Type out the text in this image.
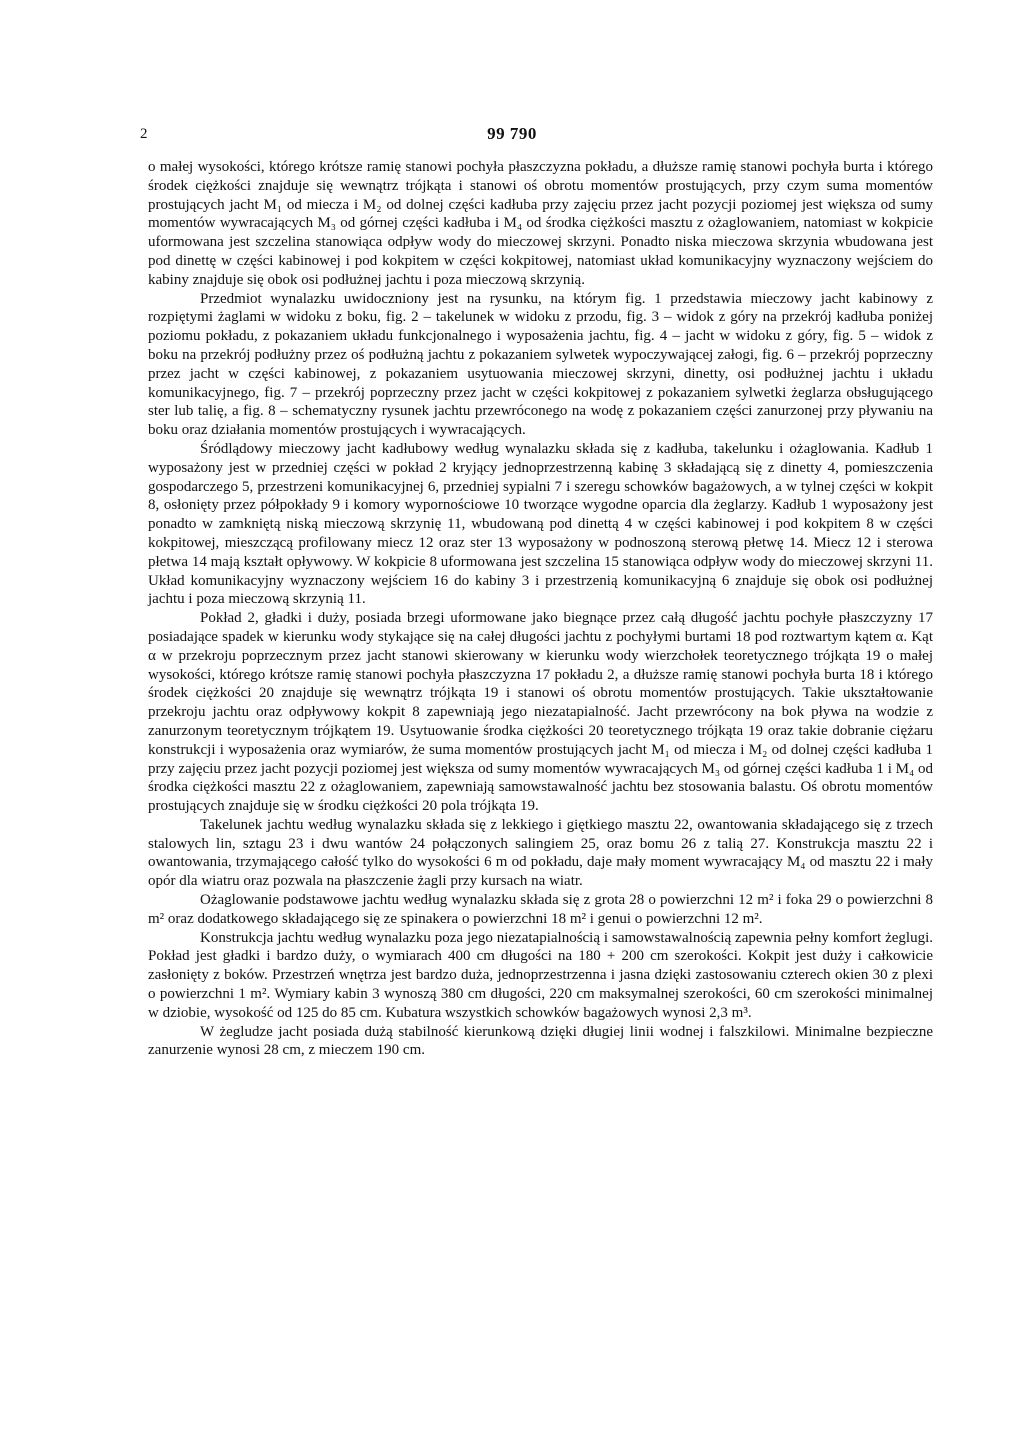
2	99 790

o małej wysokości, którego krótsze ramię stanowi pochyła płaszczyzna pokładu, a dłuższe ramię stanowi pochyła burta i którego środek ciężkości znajduje się wewnątrz trójkąta i stanowi oś obrotu momentów prostujących, przy czym suma momentów prostujących jacht M₁ od miecza i M₂ od dolnej części kadłuba przy zajęciu przez jacht pozycji poziomej jest większa od sumy momentów wywracających M₃ od górnej części kadłuba i M₄ od środka ciężkości masztu z ożaglowaniem, natomiast w kokpicie uformowana jest szczelina stanowiąca odpływ wody do mieczowej skrzyni. Ponadto niska mieczowa skrzynia wbudowana jest pod dinettę w części kabinowej i pod kokpitem w części kokpitowej, natomiast układ komunikacyjny wyznaczony wejściem do kabiny znajduje się obok osi podłużnej jachtu i poza mieczową skrzynią.

Przedmiot wynalazku uwidoczniony jest na rysunku, na którym fig. 1 przedstawia mieczowy jacht kabinowy z rozpiętymi żaglami w widoku z boku, fig. 2 – takelunek w widoku z przodu, fig. 3 – widok z góry na przekrój kadłuba poniżej poziomu pokładu, z pokazaniem układu funkcjonalnego i wyposażenia jachtu, fig. 4 – jacht w widoku z góry, fig. 5 – widok z boku na przekrój podłużny przez oś podłużną jachtu z pokazaniem sylwetek wypoczywającej załogi, fig. 6 – przekrój poprzeczny przez jacht w części kabinowej, z pokazaniem usytuowania mieczowej skrzyni, dinetty, osi podłużnej jachtu i układu komunikacyjnego, fig. 7 – przekrój poprzeczny przez jacht w części kokpitowej z pokazaniem sylwetki żeglarza obsługującego ster lub talię, a fig. 8 – schematyczny rysunek jachtu przewróconego na wodę z pokazaniem części zanurzonej przy pływaniu na boku oraz działania momentów prostujących i wywracających.

Śródlądowy mieczowy jacht kadłubowy według wynalazku składa się z kadłuba, takelunku i ożaglowania. Kadłub 1 wyposażony jest w przedniej części w pokład 2 kryjący jednoprzestrzenną kabinę 3 składającą się z dinetty 4, pomieszczenia gospodarczego 5, przestrzeni komunikacyjnej 6, przedniej sypialni 7 i szeregu schowków bagażowych, a w tylnej części w kokpit 8, osłonięty przez półpokłady 9 i komory wypornościowe 10 tworzące wygodne oparcia dla żeglarzy. Kadłub 1 wyposażony jest ponadto w zamkniętą niską mieczową skrzynię 11, wbudowaną pod dinettą 4 w części kabinowej i pod kokpitem 8 w części kokpitowej, mieszczącą profilowany miecz 12 oraz ster 13 wyposażony w podnoszoną sterową płetwę 14. Miecz 12 i sterowa płetwa 14 mają kształt opływowy. W kokpicie 8 uformowana jest szczelina 15 stanowiąca odpływ wody do mieczowej skrzyni 11. Układ komunikacyjny wyznaczony wejściem 16 do kabiny 3 i przestrzenią komunikacyjną 6 znajduje się obok osi podłużnej jachtu i poza mieczową skrzynią 11.

Pokład 2, gładki i duży, posiada brzegi uformowane jako biegnące przez całą długość jachtu pochyłe płaszczyzny 17 posiadające spadek w kierunku wody stykające się na całej długości jachtu z pochyłymi burtami 18 pod roztwartym kątem α. Kąt α w przekroju poprzecznym przez jacht stanowi skierowany w kierunku wody wierzchołek teoretycznego trójkąta 19 o małej wysokości, którego krótsze ramię stanowi pochyła płaszczyzna 17 pokładu 2, a dłuższe ramię stanowi pochyła burta 18 i którego środek ciężkości 20 znajduje się wewnątrz trójkąta 19 i stanowi oś obrotu momentów prostujących. Takie ukształtowanie przekroju jachtu oraz odpływowy kokpit 8 zapewniają jego niezatapialność. Jacht przewrócony na bok pływa na wodzie z zanurzonym teoretycznym trójkątem 19. Usytuowanie środka ciężkości 20 teoretycznego trójkąta 19 oraz takie dobranie ciężaru konstrukcji i wyposażenia oraz wymiarów, że suma momentów prostujących jacht M₁ od miecza i M₂ od dolnej części kadłuba 1 przy zajęciu przez jacht pozycji poziomej jest większa od sumy momentów wywracających M₃ od górnej części kadłuba 1 i M₄ od środka ciężkości masztu 22 z ożaglowaniem, zapewniają samowstawalność jachtu bez stosowania balastu. Oś obrotu momentów prostujących znajduje się w środku ciężkości 20 pola trójkąta 19.

Takelunek jachtu według wynalazku składa się z lekkiego i giętkiego masztu 22, owantowania składającego się z trzech stalowych lin, sztagu 23 i dwu wantów 24 połączonych salingiem 25, oraz bomu 26 z talią 27. Konstrukcja masztu 22 i owantowania, trzymającego całość tylko do wysokości 6 m od pokładu, daje mały moment wywracający M₄ od masztu 22 i mały opór dla wiatru oraz pozwala na płaszczenie żagli przy kursach na wiatr.

Ożaglowanie podstawowe jachtu według wynalazku składa się z grota 28 o powierzchni 12 m² i foka 29 o powierzchni 8 m² oraz dodatkowego składającego się ze spinakera o powierzchni 18 m² i genui o powierzchni 12 m².

Konstrukcja jachtu według wynalazku poza jego niezatapialnością i samowstawalnością zapewnia pełny komfort żeglugi. Pokład jest gładki i bardzo duży, o wymiarach 400 cm długości na 180 + 200 cm szerokości. Kokpit jest duży i całkowicie zasłonięty z boków. Przestrzeń wnętrza jest bardzo duża, jednoprzestrzenna i jasna dzięki zastosowaniu czterech okien 30 z plexi o powierzchni 1 m². Wymiary kabin 3 wynoszą 380 cm długości, 220 cm maksymalnej szerokości, 60 cm szerokości minimalnej w dziobie, wysokość od 125 do 85 cm. Kubatura wszystkich schowków bagażowych wynosi 2,3 m³.

W żegludze jacht posiada dużą stabilność kierunkową dzięki długiej linii wodnej i falszkilowi. Minimalne bezpieczne zanurzenie wynosi 28 cm, z mieczem 190 cm.
